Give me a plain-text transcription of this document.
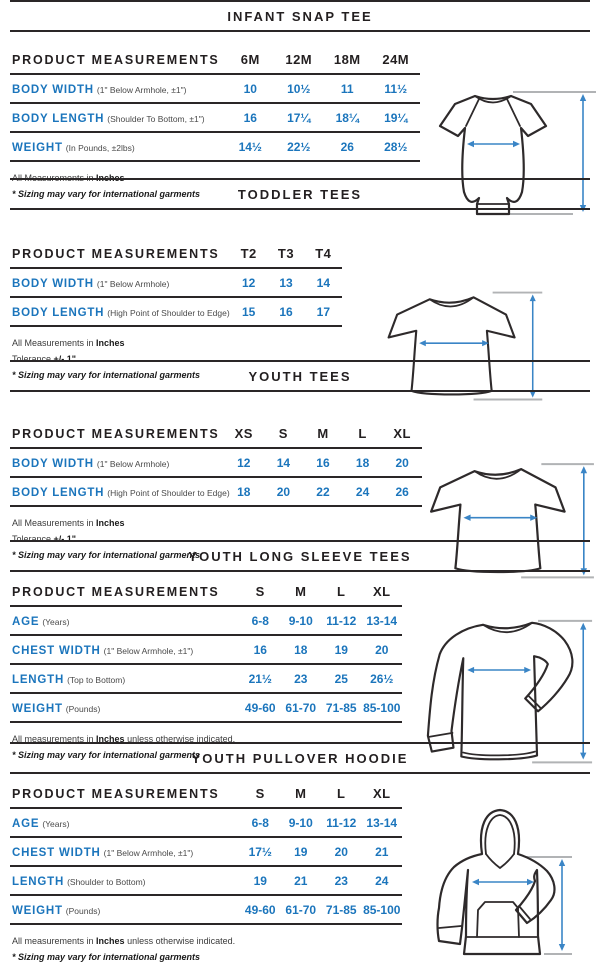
INFANT SNAP TEE
PRODUCT MEASUREMENTS	6M	12M	18M	24M
BODY WIDTH (1" Below Armhole, ±1")	10	10½	11	11½
BODY LENGTH (Shoulder To Bottom, ±1")	16	17¼	18¼	19¼
WEIGHT (In Pounds, ±2lbs)	14½	22½	26	28½
All Measurements in Inches
* Sizing may vary for international garments	TODDLER TEES
PRODUCT MEASUREMENTS	T2	T3	T4
BODY WIDTH (1" Below Armhole)	12	13	14
BODY LENGTH (High Point of Shoulder to Edge)	15	16	17
All Measurements in Inches
Tolerance +/- 1"
* Sizing may vary for international garments	YOUTH TEES
PRODUCT MEASUREMENTS	XS	S	M	L	XL
BODY WIDTH (1" Below Armhole)	12	14	16	18	20
BODY LENGTH (High Point of Shoulder to Edge)	18	20	22	24	26
All Measurements in Inches
Tolerance +/- 1"
* Sizing may vary for international garments
YOUTH LONG SLEEVE TEES
PRODUCT MEASUREMENTS	S	M	L	XL
AGE (Years)	6-8	9-10	11-12	13-14
CHEST WIDTH (1" Below Armhole, ±1")	16	18	19	20
LENGTH (Top to Bottom)	21½	23	25	26½
WEIGHT (Pounds)	49-60	61-70	71-85	85-100
All measurements in Inches unless otherwise indicated.
* Sizing may vary for international garments
YOUTH PULLOVER HOODIE
PRODUCT MEASUREMENTS	S	M	L	XL
AGE (Years)	6-8	9-10	11-12	13-14
CHEST WIDTH (1" Below Armhole, ±1")	17½	19	20	21
LENGTH (Shoulder to Bottom)	19	21	23	24
WEIGHT (Pounds)	49-60	61-70	71-85	85-100
All measurements in Inches unless otherwise indicated.
* Sizing may vary for international garments
